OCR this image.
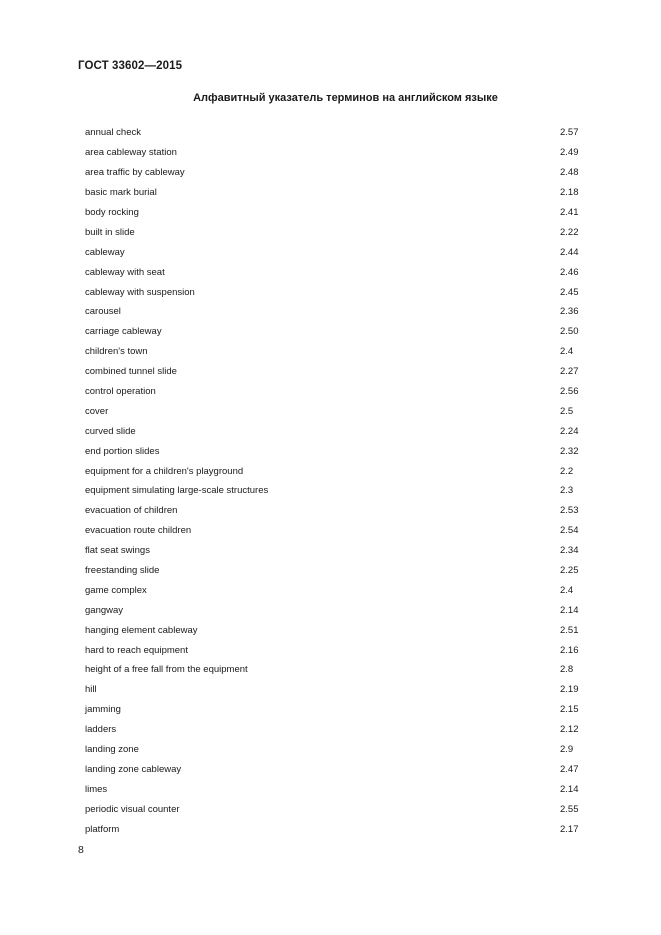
ГОСТ 33602—2015
Алфавитный указатель терминов на английском языке
annual check	2.57
area cableway station	2.49
area traffic by cableway	2.48
basic mark burial	2.18
body rocking	2.41
built in slide	2.22
cableway	2.44
cableway with seat	2.46
cableway with suspension	2.45
carousel	2.36
carriage cableway	2.50
children's town	2.4
combined tunnel slide	2.27
control operation	2.56
cover	2.5
curved slide	2.24
end portion slides	2.32
equipment for a children's playground	2.2
equipment simulating large-scale structures	2.3
evacuation of children	2.53
evacuation route children	2.54
flat seat swings	2.34
freestanding slide	2.25
game complex	2.4
gangway	2.14
hanging element cableway	2.51
hard to reach equipment	2.16
height of a free fall from the equipment	2.8
hill	2.19
jamming	2.15
ladders	2.12
landing zone	2.9
landing zone cableway	2.47
limes	2.14
periodic visual counter	2.55
platform	2.17
8
